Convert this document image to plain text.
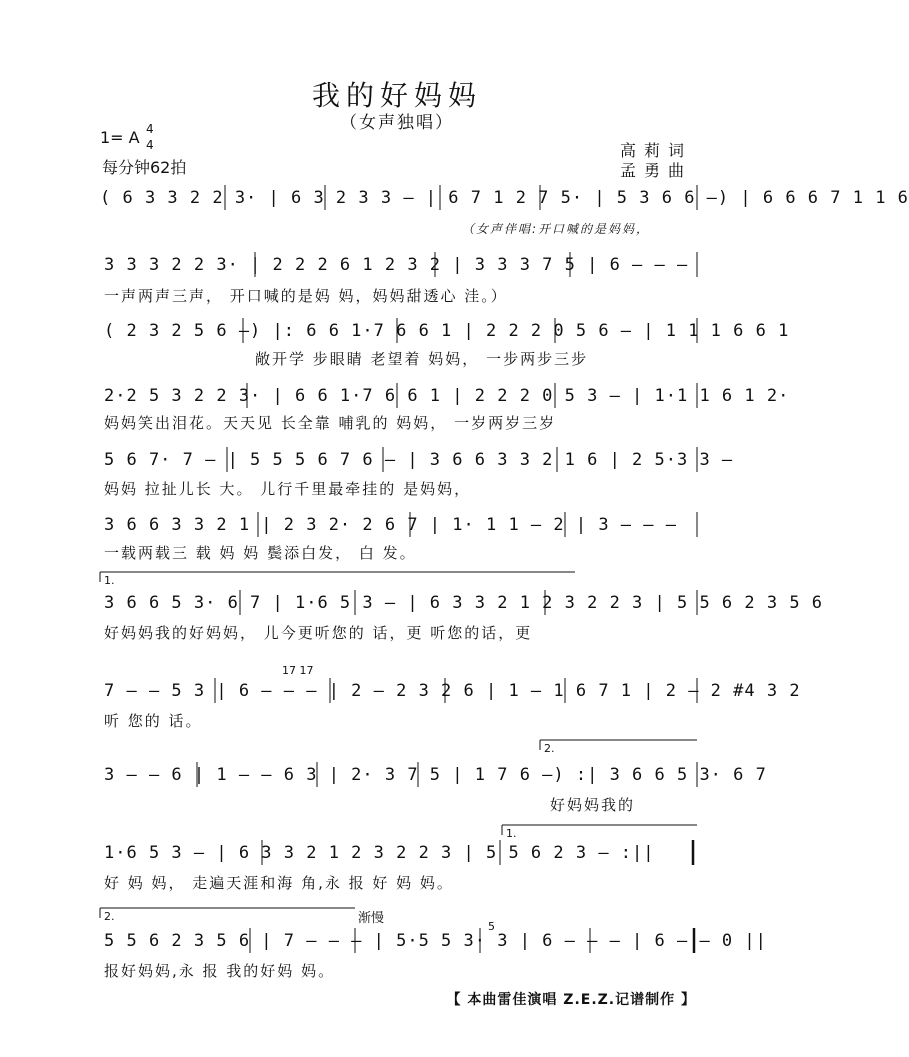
我的好妈妈
（女声独唱）
1= A 4
4
每分钟62拍
高莉词
孟勇曲
( 6 3 3 2 2 3· | 6 3 2 3 3 — | 6 7 1 2 7 5· | 5 3 6 6 —) | 6 6 6 7 1 1 6
（女声伴唱:开口喊的是妈妈，
3 3 3 2 2 3· | 2 2 2 6 1 2 3 2 | 3 3 3 7 5 | 6 — — —
一声两声三声， 开口喊的是妈 妈，妈妈甜透心 洼。）
( 2 3 2 5 6 —) |: 6 6 1·7 6 6 1 | 2 2 2 0 5 6 — | 1 1 1 6 6 1
敞开学 步眼睛 老望着 妈妈， 一步两步三步
2·2 5 3 2 2 3· | 6 6 1·7 6 6 1 | 2 2 2 0 5 3 — | 1·1 1 6 1 2·
妈妈笑出泪花。天天见 长全靠 哺乳的 妈妈， 一岁两岁三岁
5 6 7· 7 — | 5 5 5 6 7 6 — | 3 6 6 3 3 2 1 6 | 2 5·3 3 —
妈妈 拉扯儿长 大。 儿行千里最牵挂的 是妈妈，
3 6 6 3 3 2 1 | 2 3 2· 2 6 7 | 1· 1 1 — 2 | 3 — — —
一载两载三 载 妈 妈 鬓添白发， 白 发。
1.
3 6 6 5 3· 6 7 | 1·6 5 3 — | 6 3 3 2 1 2 3 2 2 3 | 5 5 6 2 3 5 6
好妈妈我的好妈妈， 儿今更听您的 话，更 听您的话，更
17 17
7 — — 5 3 | 6 — — — | 2 — 2 3 2 6 | 1 — 1 6 7 1 | 2 — 2 #4 3 2
听 您的 话。
2.
3 — — 6 | 1 — — 6 3 | 2· 3 7 5 | 1 7 6 —) :| 3 6 6 5 3· 6 7
好妈妈我的
1.
1·6 5 3 — | 6 3 3 2 1 2 3 2 2 3 | 5 5 6 2 3 — :||
好 妈 妈， 走遍天涯和海 角,永 报 好 妈 妈。
2.	渐慢
5
5 5 6 2 3 5 6 | 7 — — — | 5·5 5 3· 3 | 6 — — — | 6 — — 0 ||
报好妈妈,永 报 我的好妈 妈。
【 本曲雷佳演唱 Z.E.Z.记谱制作 】
